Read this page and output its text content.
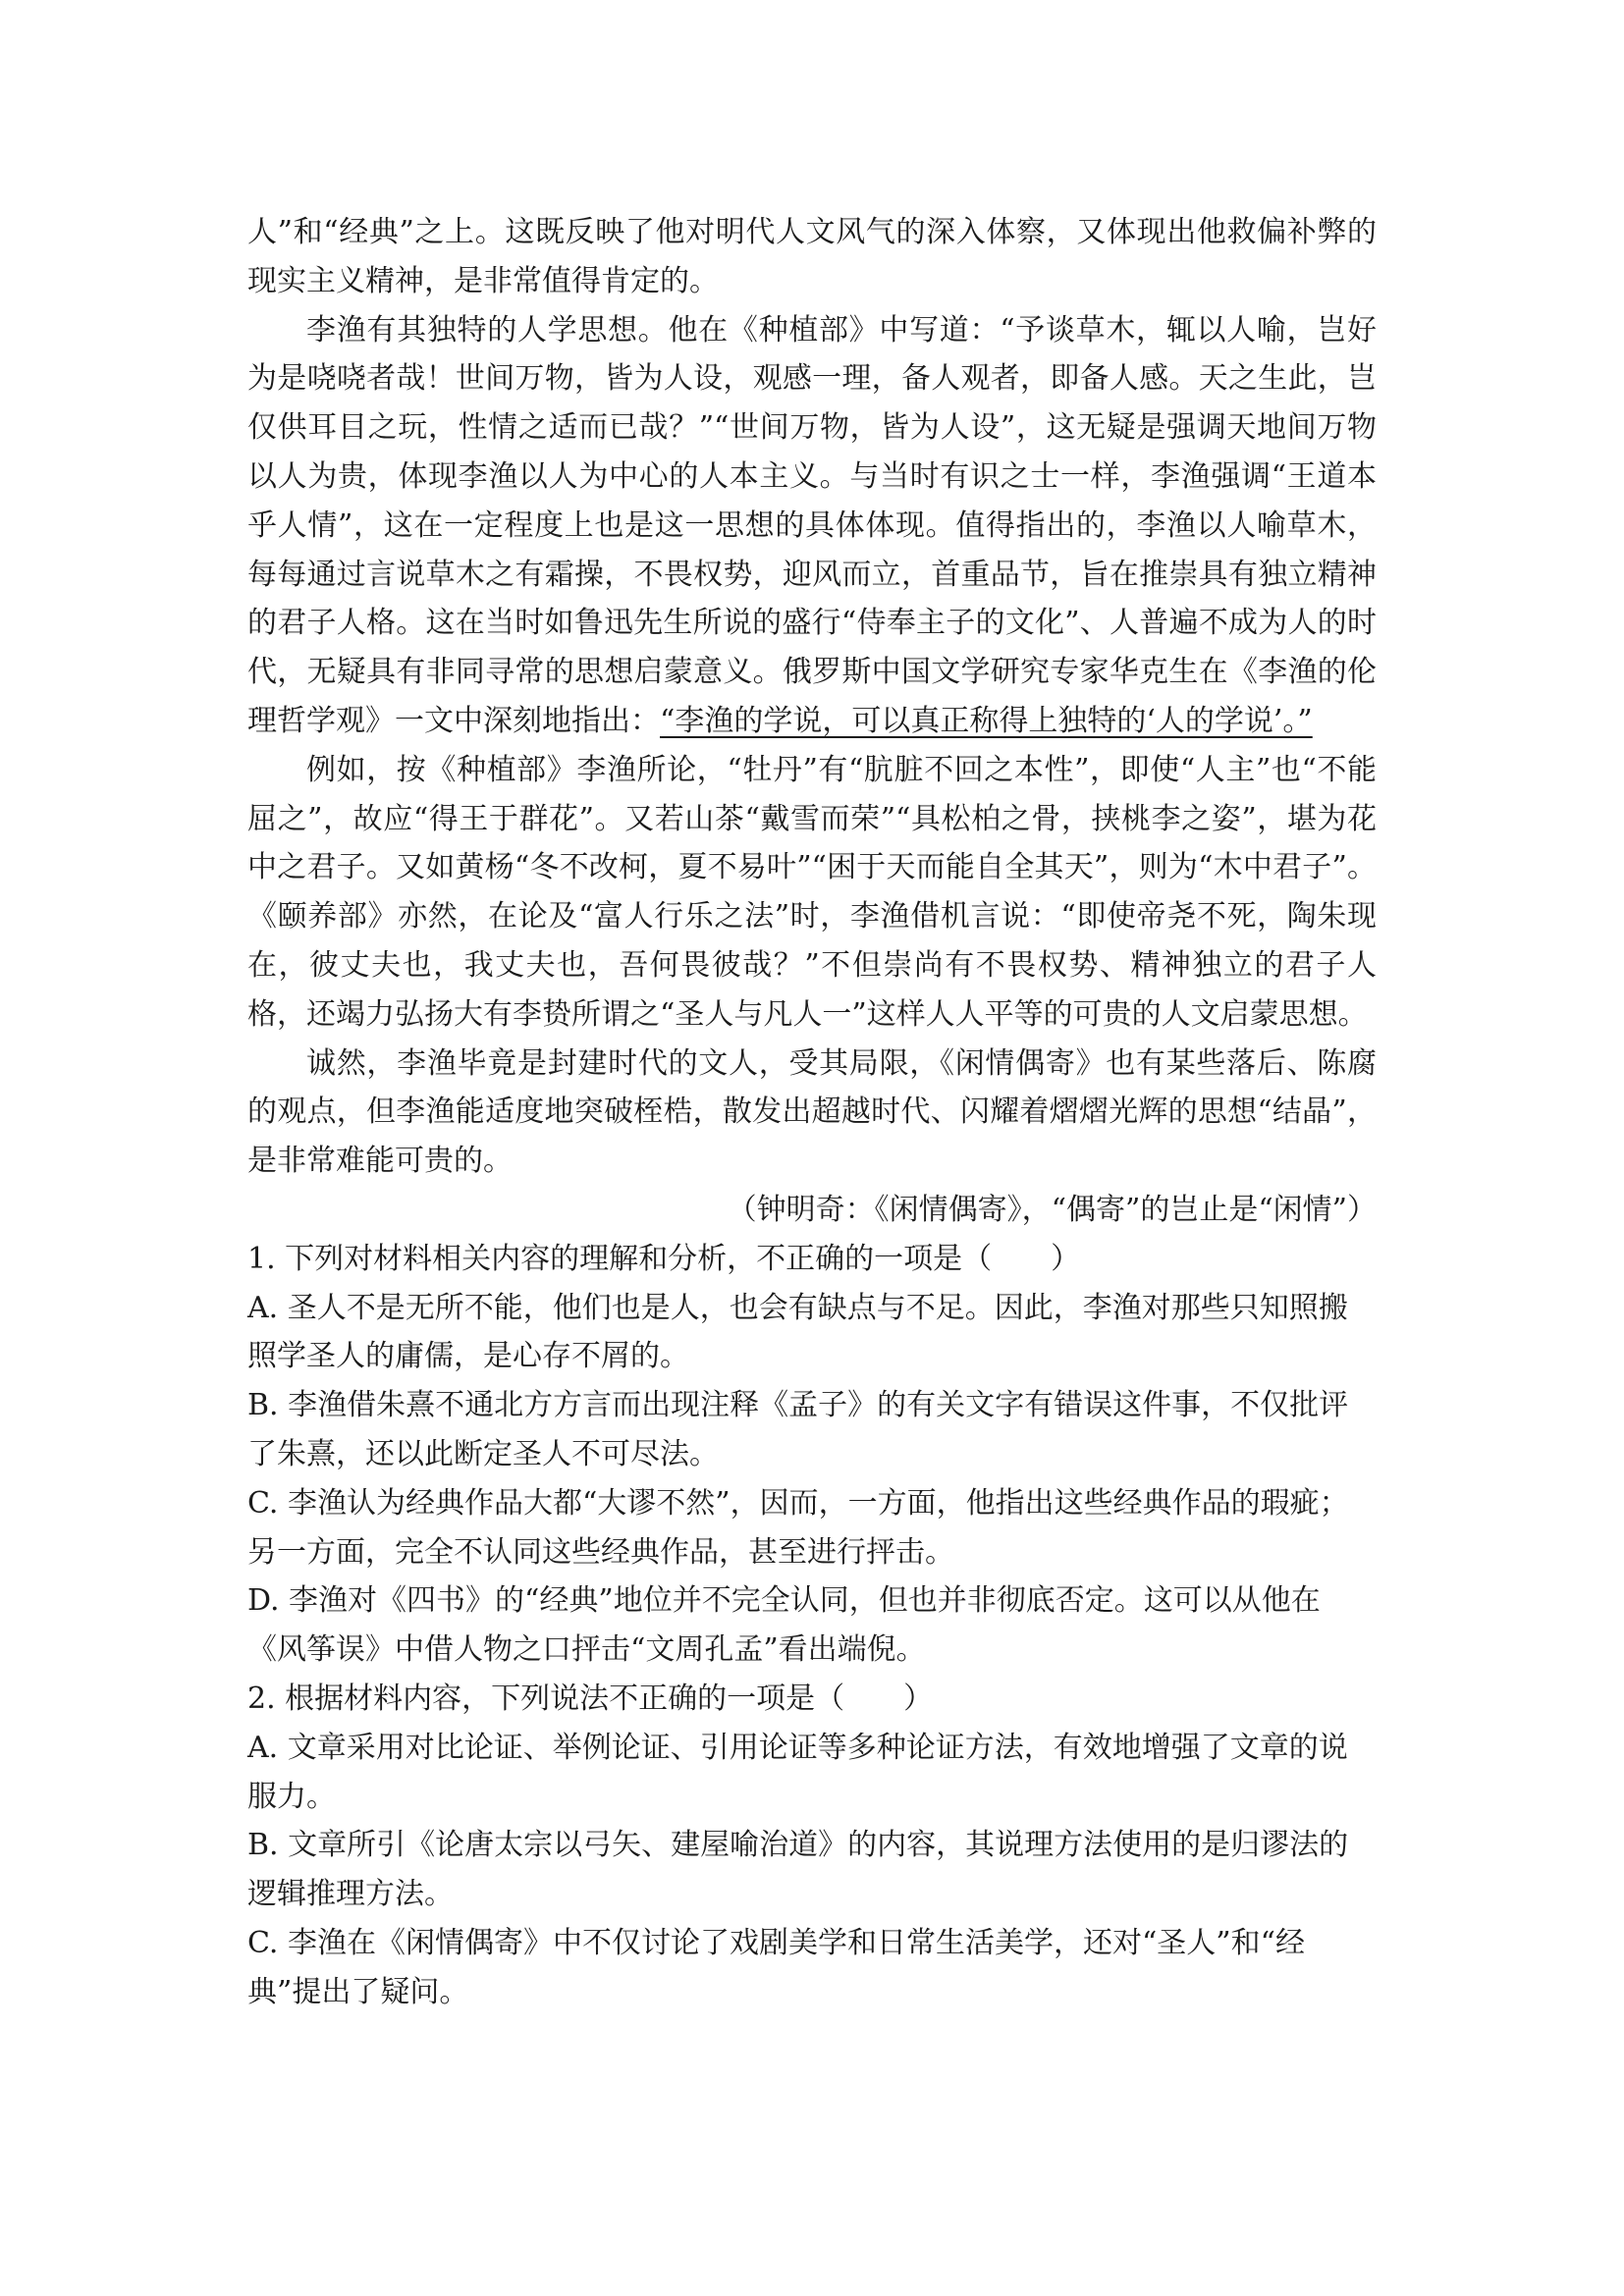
人”和“经典”之上。这既反映了他对明代人文风气的深入体察，又体现出他救偏补弊的现实主义精神，是非常值得肯定的。

李渔有其独特的人学思想。他在《种植部》中写道：“予谈草木，辄以人喻，岂好为是哓哓者哉！世间万物，皆为人设，观感一理，备人观者，即备人感。天之生此，岂仅供耳目之玩，性情之适而已哉？”“世间万物，皆为人设”，这无疑是强调天地间万物以人为贵，体现李渔以人为中心的人本主义。与当时有识之士一样，李渔强调“王道本乎人情”，这在一定程度上也是这一思想的具体体现。值得指出的，李渔以人喻草木，每每通过言说草木之有霜操，不畏权势，迎风而立，首重品节，旨在推崇具有独立精神的君子人格。这在当时如鲁迅先生所说的盛行“侍奉主子的文化”、人普遍不成为人的时代，无疑具有非同寻常的思想启蒙意义。俄罗斯中国文学研究专家华克生在《李渔的伦理哲学观》一文中深刻地指出：“李渔的学说，可以真正称得上独特的‘人的学说’。”

例如，按《种植部》李渔所论，“牡丹”有“肮脏不回之本性”，即使“人主”也“不能屈之”，故应“得王于群花”。又若山茶“戴雪而荣”“具松柏之骨，挟桃李之姿”，堪为花中之君子。又如黄杨“冬不改柯，夏不易叶”“困于天而能自全其天”，则为“木中君子”。《颐养部》亦然，在论及“富人行乐之法”时，李渔借机言说：“即使帝尧不死，陶朱现在，彼丈夫也，我丈夫也，吾何畏彼哉？”不但崇尚有不畏权势、精神独立的君子人格，还竭力弘扬大有李贽所谓之“圣人与凡人一”这样人人平等的可贵的人文启蒙思想。

诚然，李渔毕竟是封建时代的文人，受其局限，《闲情偶寄》也有某些落后、陈腐的观点，但李渔能适度地突破桎梏，散发出超越时代、闪耀着熠熠光辉的思想“结晶”，是非常难能可贵的。

（钟明奇：《闲情偶寄》，“偶寄”的岂止是“闲情”）

1. 下列对材料相关内容的理解和分析，不正确的一项是（　　）

A. 圣人不是无所不能，他们也是人，也会有缺点与不足。因此，李渔对那些只知照搬照学圣人的庸儒，是心存不屑的。

B. 李渔借朱熹不通北方方言而出现注释《孟子》的有关文字有错误这件事，不仅批评了朱熹，还以此断定圣人不可尽法。

C. 李渔认为经典作品大都“大谬不然”，因而，一方面，他指出这些经典作品的瑕疵；另一方面，完全不认同这些经典作品，甚至进行抨击。

D. 李渔对《四书》的“经典”地位并不完全认同，但也并非彻底否定。这可以从他在《风筝误》中借人物之口抨击“文周孔孟”看出端倪。

2. 根据材料内容，下列说法不正确的一项是（　　）

A. 文章采用对比论证、举例论证、引用论证等多种论证方法，有效地增强了文章的说服力。

B. 文章所引《论唐太宗以弓矢、建屋喻治道》的内容，其说理方法使用的是归谬法的逻辑推理方法。

C. 李渔在《闲情偶寄》中不仅讨论了戏剧美学和日常生活美学，还对“圣人”和“经典”提出了疑问。
